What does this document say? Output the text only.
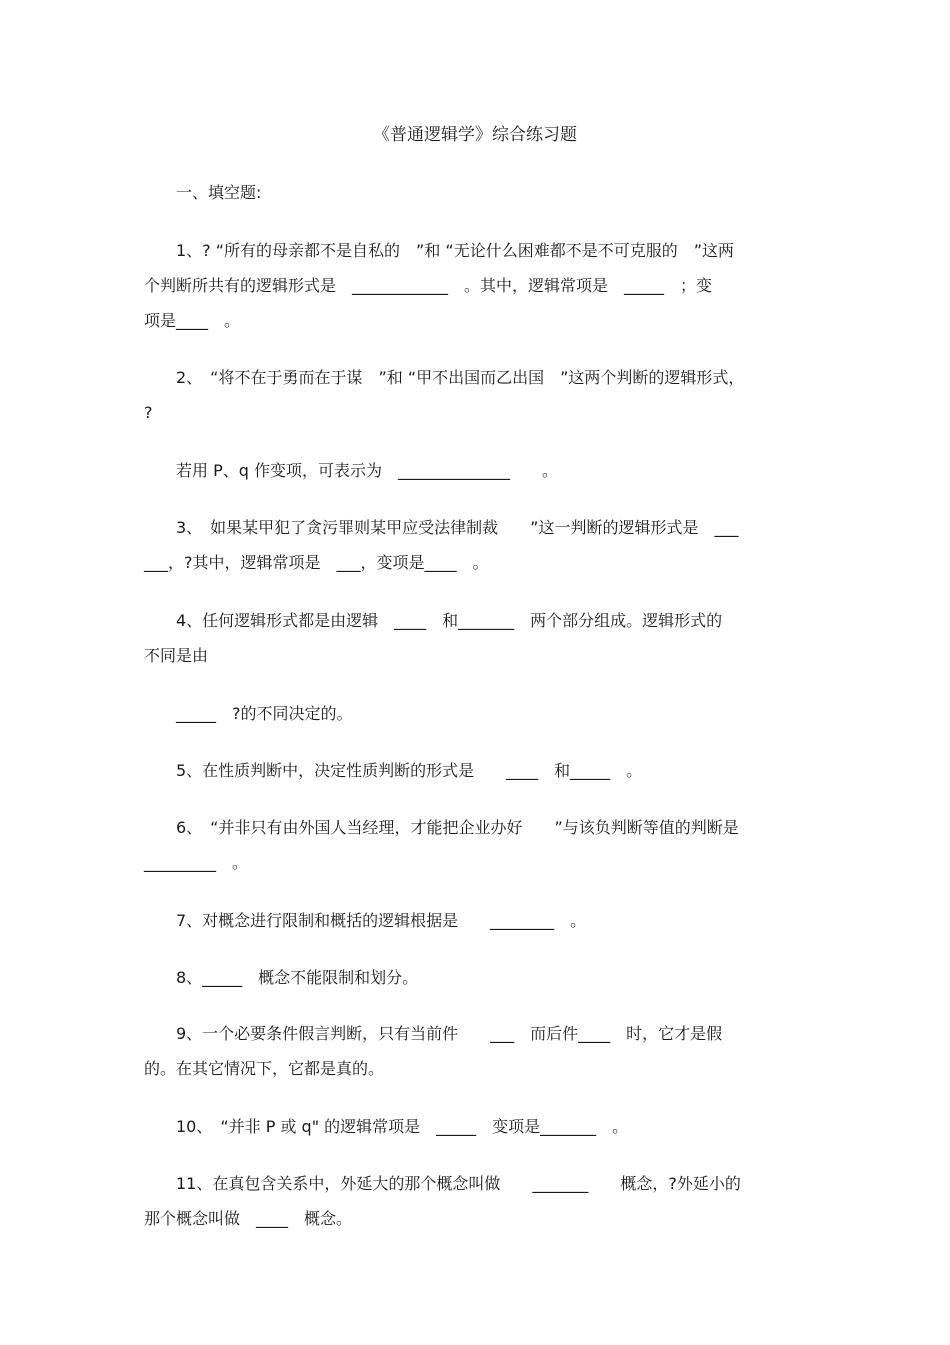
《普通逻辑学》综合练习题
一、填空题:
1、? “所有的母亲都不是自私的　”和 “无论什么困难都不是不可克服的　”这两
个判断所共有的逻辑形式是　____________　。其中，逻辑常项是　_____　；变
项是____　。
2、　“将不在于勇而在于谋　”和 “甲不出国而乙出国　”这两个判断的逻辑形式，
?
若用 P、q 作变项，可表示为　______________　　。
3、　如果某甲犯了贪污罪则某甲应受法律制裁　　”这一判断的逻辑形式是　___
___，?其中，逻辑常项是　___，变项是____　。
4、任何逻辑形式都是由逻辑　____　和_______　两个部分组成。逻辑形式的
不同是由
_____　?的不同决定的。
5、在性质判断中，决定性质判断的形式是　　____　和_____　。
6、　“并非只有由外国人当经理，才能把企业办好　　”与该负判断等值的判断是
_________　。
7、对概念进行限制和概括的逻辑根据是　　________　。
8、_____　概念不能限制和划分。
9、一个必要条件假言判断，只有当前件　　___　而后件____　时，它才是假
的。在其它情况下，它都是真的。
10、　“并非 P 或 q" 的逻辑常项是　_____　变项是_______　。
11、在真包含关系中，外延大的那个概念叫做　　_______　　概念，?外延小的
那个概念叫做　____　概念。
